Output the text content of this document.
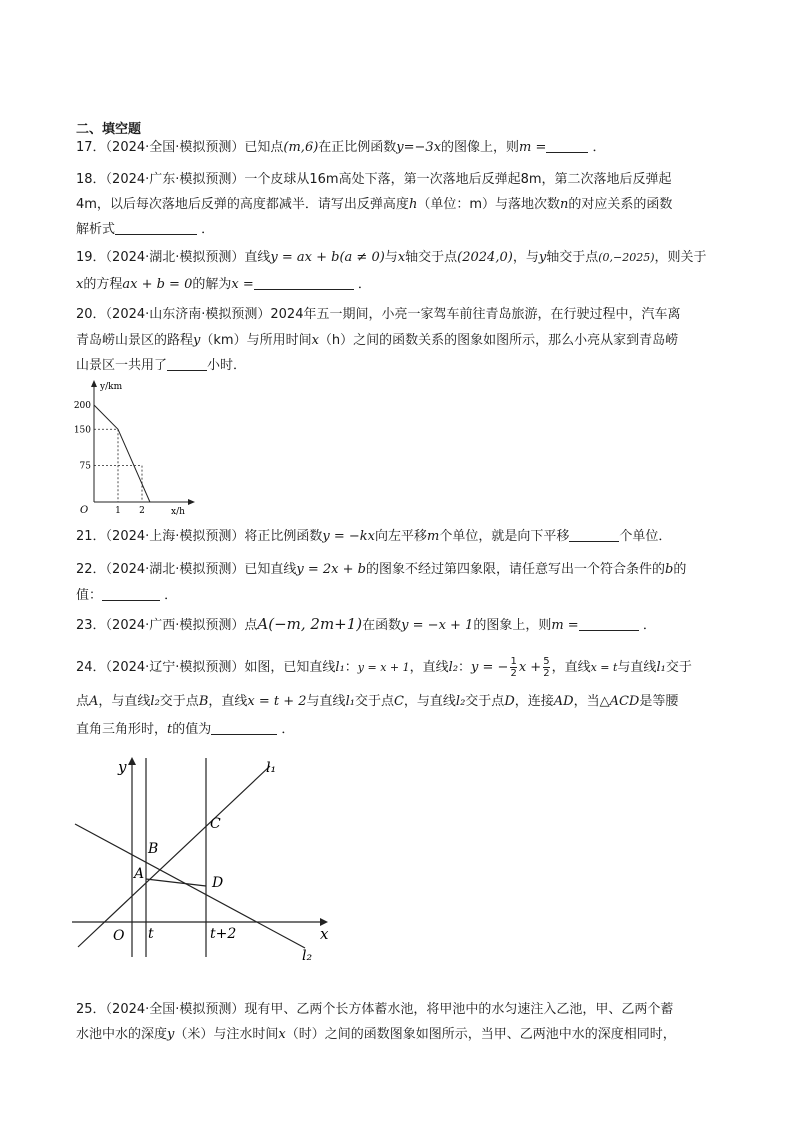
二、填空题
17．（2024·全国·模拟预测）已知点(m,6)在正比例函数y=−3x的图像上，则m =	．
18．（2024·广东·模拟预测）一个皮球从16m高处下落，第一次落地后反弹起8m，第二次落地后反弹起
4m，以后每次落地后反弹的高度都减半．请写出反弹高度h（单位：m）与落地次数n的对应关系的函数
解析式	．
19．（2024·湖北·模拟预测）直线y = ax + b(a ≠ 0)与x轴交于点(2024,0)，与y轴交于点(0,−2025)，则关于
x的方程ax + b = 0的解为x =	．
20．（2024·山东济南·模拟预测）2024年五一期间，小亮一家驾车前往青岛旅游，在行驶过程中，汽车离
青岛崂山景区的路程y（km）与所用时间x（h）之间的函数关系的图象如图所示，那么小亮从家到青岛崂
山景区一共用了	小时．
y/km
x/h
O
75
150
200
1 2
21．（2024·上海·模拟预测）将正比例函数y = −kx向左平移m个单位，就是向下平移	个单位．
22．（2024·湖北·模拟预测）已知直线y = 2x + b的图象不经过第四象限，请任意写出一个符合条件的b的
值：	．
23．（2024·广西·模拟预测）点A(−m, 2m+1)在函数y = −x + 1的图象上，则m =	．
24．（2024·辽宁·模拟预测）如图，已知直线l₁：y = x + 1，直线l₂：y = − $\frac{1}{2}$ $x + \frac{5}{2}$ ，直线x = t与直线l₁交于
点A，与直线l₂交于点B，直线x = t + 2与直线l₁交于点C，与直线l₂交于点D，连接AD，当△ACD是等腰
直角三角形时，t的值为	．
y
x
O t	t+2
A
B
C
D
l₁
l₂
25．（2024·全国·模拟预测）现有甲、乙两个长方体蓄水池，将甲池中的水匀速注入乙池，甲、乙两个蓄
水池中水的深度y（米）与注水时间x（时）之间的函数图象如图所示，当甲、乙两池中水的深度相同时，
